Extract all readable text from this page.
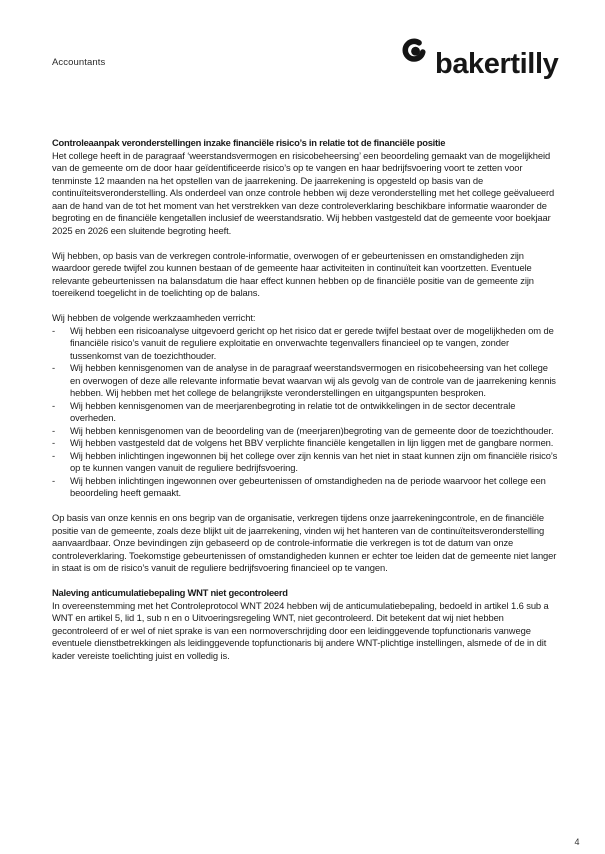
Accountants	bakertilly
Controleaanpak veronderstellingen inzake financiële risico’s in relatie tot de financiële positie

Het college heeft in de paragraaf ‘weerstandsvermogen en risicobeheersing’ een beoordeling gemaakt van de mogelijkheid van de gemeente om de door haar geïdentificeerde risico’s op te vangen en haar bedrijfsvoering voort te zetten voor tenminste 12 maanden na het opstellen van de jaarrekening. De jaarrekening is opgesteld op basis van de continuïteitsveronderstelling. Als onderdeel van onze controle hebben wij deze veronderstelling met het college geëvalueerd aan de hand van de tot het moment van het verstrekken van deze controleverklaring beschikbare informatie waaronder de begroting en de financiële kengetallen inclusief de weerstandsratio. Wij hebben vastgesteld dat de gemeente voor boekjaar 2025 en 2026 een sluitende begroting heeft.

Wij hebben, op basis van de verkregen controle-informatie, overwogen of er gebeurtenissen en omstandigheden zijn waardoor gerede twijfel zou kunnen bestaan of de gemeente haar activiteiten in continuïteit kan voortzetten. Eventuele relevante gebeurtenissen na balansdatum die haar effect kunnen hebben op de financiële positie van de gemeente zijn toereikend toegelicht in de toelichting op de balans.

Wij hebben de volgende werkzaamheden verricht:
-	Wij hebben een risicoanalyse uitgevoerd gericht op het risico dat er gerede twijfel bestaat over de mogelijkheden om de financiële risico’s vanuit de reguliere exploitatie en onverwachte tegenvallers financieel op te vangen, zonder tussenkomst van de toezichthouder.
-	Wij hebben kennisgenomen van de analyse in de paragraaf weerstandsvermogen en risicobeheersing van het college en overwogen of deze alle relevante informatie bevat waarvan wij als gevolg van de controle van de jaarrekening kennis hebben. Wij hebben met het college de belangrijkste veronderstellingen en uitgangspunten besproken.
-	Wij hebben kennisgenomen van de meerjarenbegroting in relatie tot de ontwikkelingen in de sector decentrale overheden.
-	Wij hebben kennisgenomen van de beoordeling van de (meerjaren)begroting van de gemeente door de toezichthouder.
-	Wij hebben vastgesteld dat de volgens het BBV verplichte financiële kengetallen in lijn liggen met de gangbare normen.
-	Wij hebben inlichtingen ingewonnen bij het college over zijn kennis van het niet in staat kunnen zijn om financiële risico’s op te kunnen vangen vanuit de reguliere bedrijfsvoering.
-	Wij hebben inlichtingen ingewonnen over gebeurtenissen of omstandigheden na de periode waarvoor het college een beoordeling heeft gemaakt.

Op basis van onze kennis en ons begrip van de organisatie, verkregen tijdens onze jaarrekeningcontrole, en de financiële positie van de gemeente, zoals deze blijkt uit de jaarrekening, vinden wij het hanteren van de continuïteitsveronderstelling aanvaardbaar. Onze bevindingen zijn gebaseerd op de controle-informatie die verkregen is tot de datum van onze controleverklaring. Toekomstige gebeurtenissen of omstandigheden kunnen er echter toe leiden dat de gemeente niet langer in staat is om de risico’s vanuit de reguliere bedrijfsvoering financieel op te vangen.

Naleving anticumulatiebepaling WNT niet gecontroleerd

In overeenstemming met het Controleprotocol WNT 2024 hebben wij de anticumulatiebepaling, bedoeld in artikel 1.6 sub a WNT en artikel 5, lid 1, sub n en o Uitvoeringsregeling WNT, niet gecontroleerd. Dit betekent dat wij niet hebben gecontroleerd of er wel of niet sprake is van een normoverschrijding door een leidinggevende topfunctionaris vanwege eventuele dienstbetrekkingen als leidinggevende topfunctionaris bij andere WNT-plichtige instellingen, alsmede of de in dit kader vereiste toelichting juist en volledig is.

4
